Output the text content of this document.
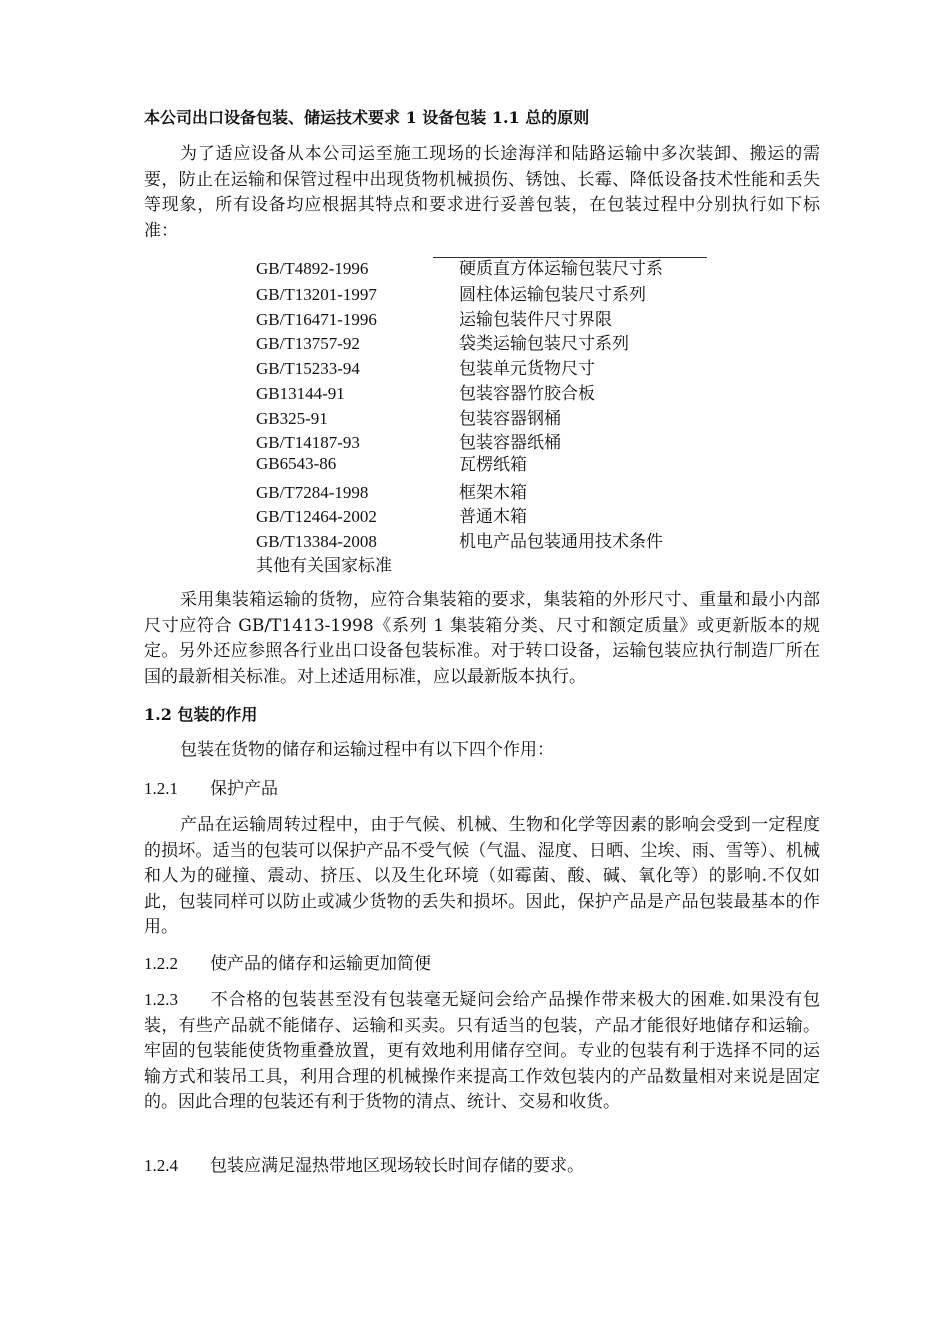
本公司出口设备包装、储运技术要求 1 设备包装 1.1 总的原则
为了适应设备从本公司运至施工现场的长途海洋和陆路运输中多次装卸、搬运的需要，防止在运输和保管过程中出现货物机械损伤、锈蚀、长霉、降低设备技术性能和丢失等现象，所有设备均应根据其特点和要求进行妥善包装，在包装过程中分别执行如下标准：
GB/T4892-1996	硬质直方体运输包装尺寸系
GB/T13201-1997	圆柱体运输包装尺寸系列
GB/T16471-1996	运输包装件尺寸界限
GB/T13757-92	袋类运输包装尺寸系列
GB/T15233-94	包装单元货物尺寸
GB13144-91	包装容器竹胶合板
GB325-91	包装容器钢桶
GB/T14187-93	包装容器纸桶
GB6543-86	瓦楞纸箱
GB/T7284-1998	框架木箱
GB/T12464-2002	普通木箱
GB/T13384-2008	机电产品包装通用技术条件
其他有关国家标准
采用集装箱运输的货物，应符合集装箱的要求，集装箱的外形尺寸、重量和最小内部尺寸应符合 GB/T1413-1998《系列 1 集装箱分类、尺寸和额定质量》或更新版本的规定。另外还应参照各行业出口设备包装标准。对于转口设备，运输包装应执行制造厂所在国的最新相关标准。对上述适用标准，应以最新版本执行。
1.2 包装的作用
包装在货物的储存和运输过程中有以下四个作用：
1.2.1 保护产品
产品在运输周转过程中，由于气候、机械、生物和化学等因素的影响会受到一定程度的损坏。适当的包装可以保护产品不受气候（气温、湿度、日晒、尘埃、雨、雪等）、机械和人为的碰撞、震动、挤压、以及生化环境（如霉菌、酸、碱、氧化等）的影响.不仅如此，包装同样可以防止或减少货物的丢失和损坏。因此，保护产品是产品包装最基本的作用。
1.2.2 使产品的储存和运输更加简便
1.2.3 不合格的包装甚至没有包装毫无疑问会给产品操作带来极大的困难.如果没有包装，有些产品就不能储存、运输和买卖。只有适当的包装，产品才能很好地储存和运输。牢固的包装能使货物重叠放置，更有效地利用储存空间。专业的包装有利于选择不同的运输方式和装吊工具，利用合理的机械操作来提高工作效包装内的产品数量相对来说是固定的。因此合理的包装还有利于货物的清点、统计、交易和收货。
1.2.4 包装应满足湿热带地区现场较长时间存储的要求。
